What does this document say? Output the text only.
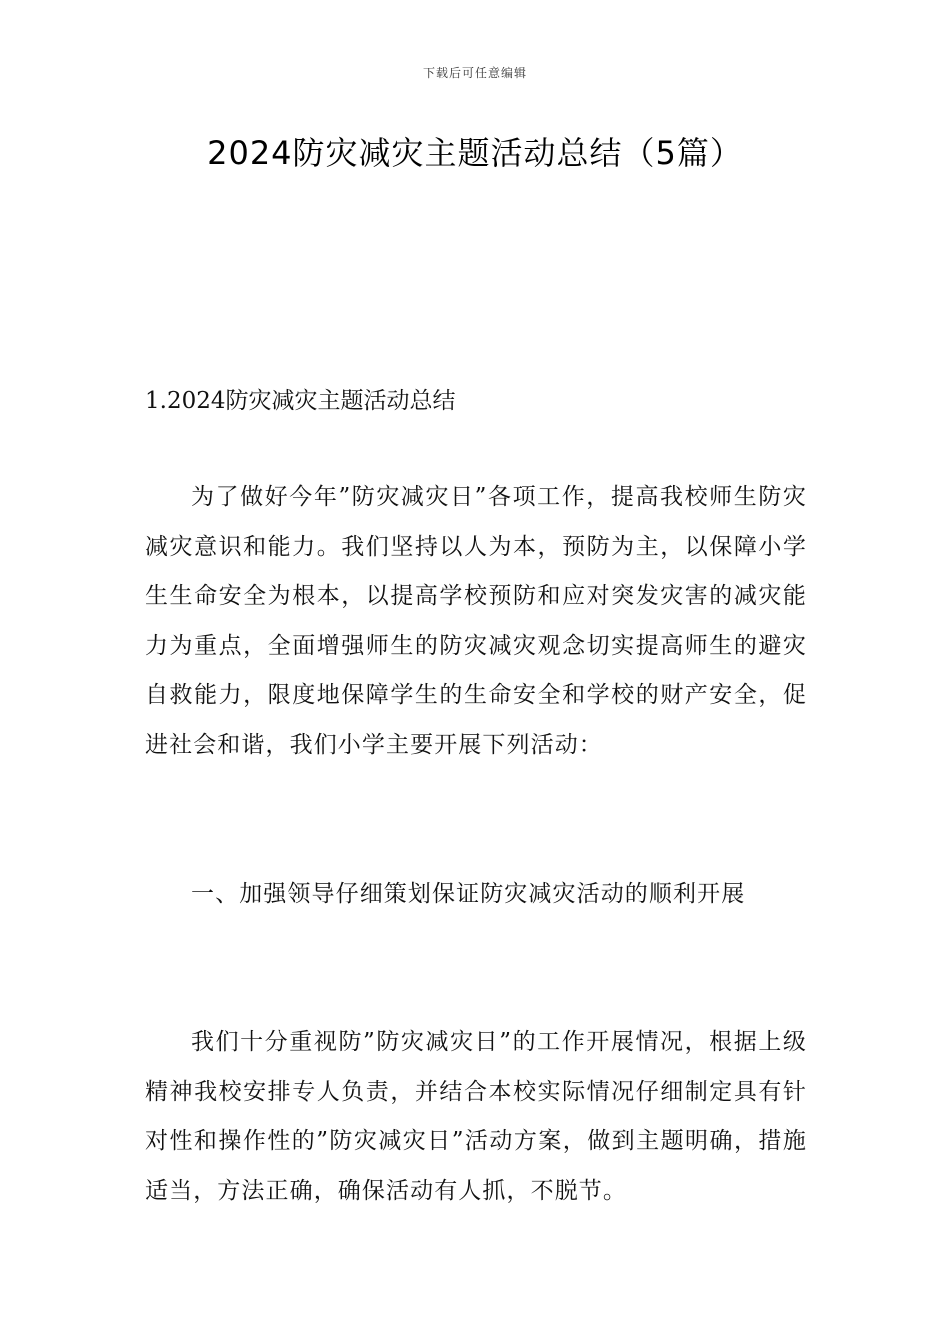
下载后可任意编辑
2024防灾减灾主题活动总结（5篇）
1.2024防灾减灾主题活动总结

为了做好今年”防灾减灾日”各项工作，提高我校师生防灾减灾意识和能力。我们坚持以人为本，预防为主，以保障小学生生命安全为根本，以提高学校预防和应对突发灾害的减灾能力为重点，全面增强师生的防灾减灾观念切实提高师生的避灾自救能力，限度地保障学生的生命安全和学校的财产安全，促进社会和谐，我们小学主要开展下列活动：

一、加强领导仔细策划保证防灾减灾活动的顺利开展

我们十分重视防”防灾减灾日”的工作开展情况，根据上级精神我校安排专人负责，并结合本校实际情况仔细制定具有针对性和操作性的”防灾减灾日”活动方案，做到主题明确，措施适当，方法正确，确保活动有人抓，不脱节。
